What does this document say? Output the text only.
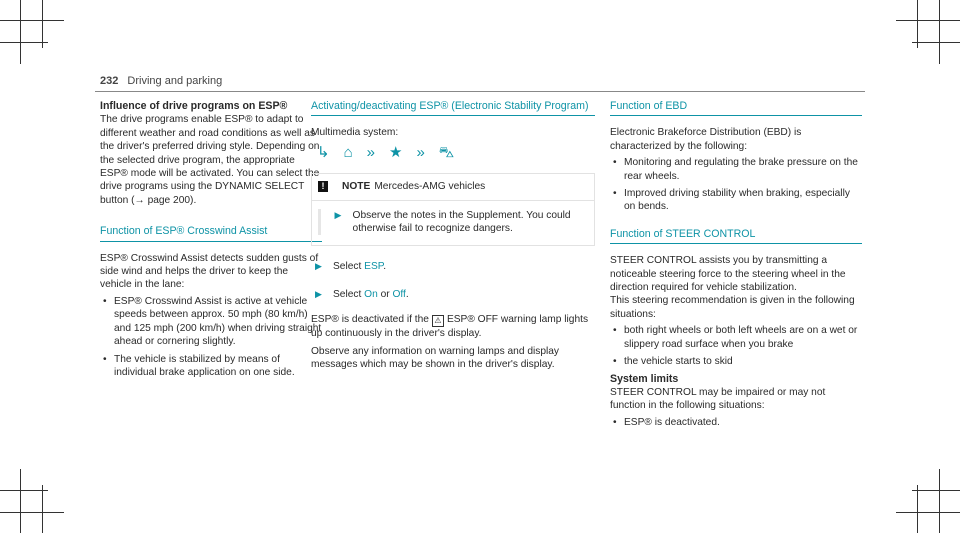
232 Driving and parking
Influence of drive programs on ESP®

The drive programs enable ESP® to adapt to different weather and road conditions as well as the driver's preferred driving style. Depending on the selected drive program, the appropriate ESP® mode will be activated. You can select the drive programs using the DYNAMIC SELECT button (→ page 200).

Function of ESP® Crosswind Assist

ESP® Crosswind Assist detects sudden gusts of side wind and helps the driver to keep the vehicle in the lane:

• ESP® Crosswind Assist is active at vehicle speeds between approx. 50 mph (80 km/h) and 125 mph (200 km/h) when driving straight ahead or cornering slightly.
• The vehicle is stabilized by means of individual brake application on one side.
Activating/deactivating ESP® (Electronic Stability Program)

Multimedia system:

↳ ⌂ » ★ » ⛍
!	NOTE Mercedes-AMG vehicles
▶	Observe the notes in the Supplement. You could otherwise fail to recognize dangers.
▶	Select ESP.
▶	Select On or Off.

ESP® is deactivated if the ⚠ ESP® OFF warning lamp lights up continuously in the driver's display.

Observe any information on warning lamps and display messages which may be shown in the driver's display.

Function of EBD

Electronic Brakeforce Distribution (EBD) is characterized by the following:

• Monitoring and regulating the brake pressure on the rear wheels.
• Improved driving stability when braking, especially on bends.
Function of STEER CONTROL

STEER CONTROL assists you by transmitting a noticeable steering force to the steering wheel in the direction required for vehicle stabilization.

This steering recommendation is given in the following situations:

• both right wheels or both left wheels are on a wet or slippery road surface when you brake
• the vehicle starts to skid
System limits

STEER CONTROL may be impaired or may not function in the following situations:

• ESP® is deactivated.
